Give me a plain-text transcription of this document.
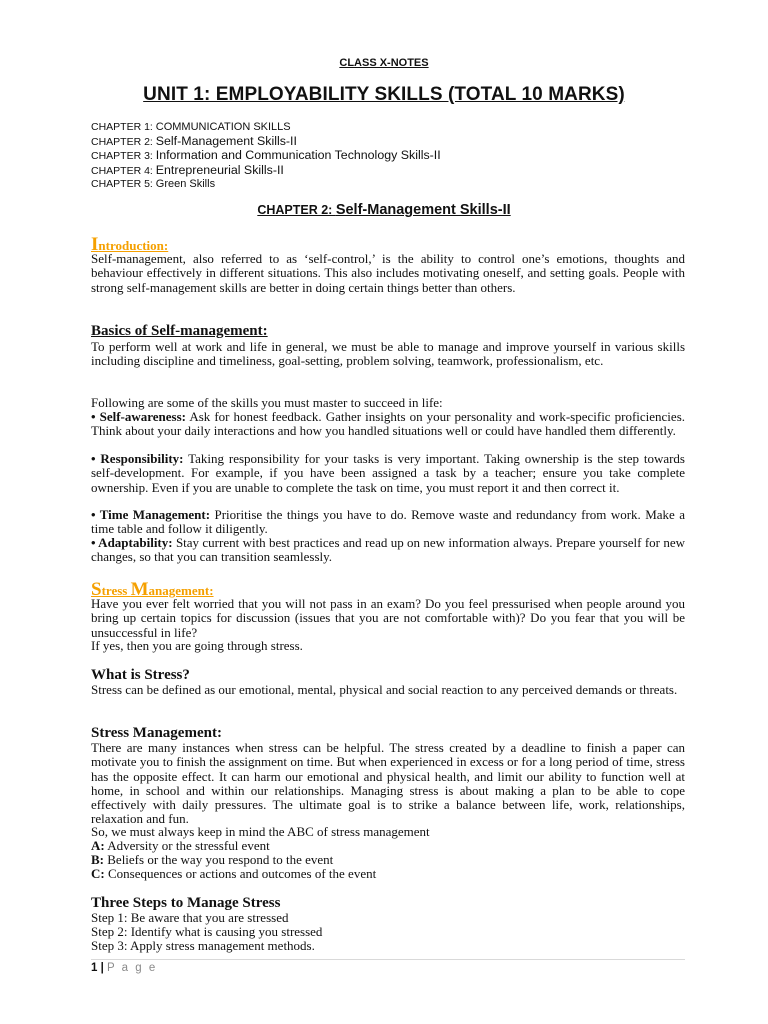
CLASS X-NOTES
UNIT 1: EMPLOYABILITY SKILLS (TOTAL 10 MARKS)
CHAPTER 1: COMMUNICATION SKILLS
CHAPTER 2: Self-Management Skills-II
CHAPTER 3: Information and Communication Technology Skills-II
CHAPTER 4: Entrepreneurial Skills-II
CHAPTER 5: Green Skills
CHAPTER 2: Self-Management Skills-II
Introduction:
Self-management, also referred to as ‘self-control,’ is the ability to control one’s emotions, thoughts and behaviour effectively in different situations. This also includes motivating oneself, and setting goals. People with strong self-management skills are better in doing certain things better than others.
Basics of Self-management:
To perform well at work and life in general, we must be able to manage and improve yourself in various skills including discipline and timeliness, goal-setting, problem solving, teamwork, professionalism, etc.
Following are some of the skills you must master to succeed in life:
• Self-awareness: Ask for honest feedback. Gather insights on your personality and work-specific proficiencies. Think about your daily interactions and how you handled situations well or could have handled them differently.
• Responsibility: Taking responsibility for your tasks is very important. Taking ownership is the step towards self-development. For example, if you have been assigned a task by a teacher; ensure you take complete ownership. Even if you are unable to complete the task on time, you must report it and then correct it.
• Time Management: Prioritise the things you have to do. Remove waste and redundancy from work. Make a time table and follow it diligently.
• Adaptability: Stay current with best practices and read up on new information always. Prepare yourself for new changes, so that you can transition seamlessly.
Stress Management:
Have you ever felt worried that you will not pass in an exam? Do you feel pressurised when people around you bring up certain topics for discussion (issues that you are not comfortable with)? Do you fear that you will be unsuccessful in life?
If yes, then you are going through stress.
What is Stress?
Stress can be defined as our emotional, mental, physical and social reaction to any perceived demands or threats.
Stress Management:
There are many instances when stress can be helpful. The stress created by a deadline to finish a paper can motivate you to finish the assignment on time. But when experienced in excess or for a long period of time, stress has the opposite effect. It can harm our emotional and physical health, and limit our ability to function well at home, in school and within our relationships. Managing stress is about making a plan to be able to cope effectively with daily pressures. The ultimate goal is to strike a balance between life, work, relationships, relaxation and fun.
So, we must always keep in mind the ABC of stress management
A: Adversity or the stressful event
B: Beliefs or the way you respond to the event
C: Consequences or actions and outcomes of the event
Three Steps to Manage Stress
Step 1: Be aware that you are stressed
Step 2: Identify what is causing you stressed
Step 3: Apply stress management methods.
1 | P a g e
